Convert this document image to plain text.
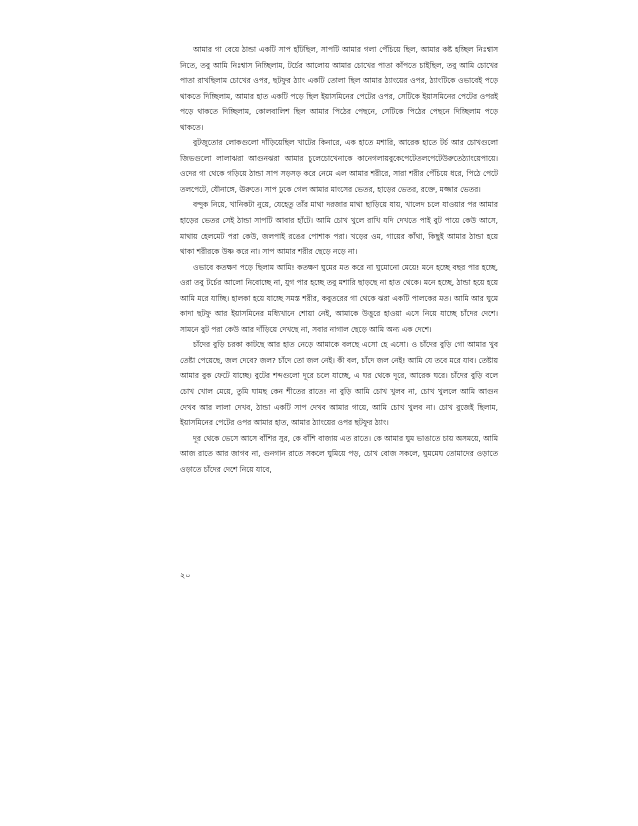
আমার গা বেয়ে ঠান্ডা একটি সাপ হাঁটছিল, সাপটি আমার গলা পেঁচিয়ে ছিল, আমার কষ্ট হচ্ছিল নিঃশ্বাস নিতে, তবু আমি নিঃশ্বাস নিচ্ছিলাম, টর্চের আলোয় আমার চোখের পাতা কাঁপতে চাইছিল, তবু আমি চোখের পাতা রাখছিলাম চোখের ওপর, ছটফুর ঠ্যাং একটি তোলা ছিল আমার ঠ্যাংয়ের ওপর, ঠ্যাংটিকে ওভাবেই পড়ে থাকতে দিচ্ছিলাম, আমার হাত একটি পড়ে ছিল ইয়াসমিনের পেটের ওপর, সেটিকে ইয়াসমিনের পেটের ওপরই পড়ে থাকতে দিচ্ছিলাম, কোলবালিশ ছিল আমার পিঠের পেছনে, সেটিকে পিঠের পেছনে দিচ্ছিলাম পড়ে থাকতে।

বুটজুতোর লোকগুলো দাঁড়িয়েছিল খাটের কিনারে, এক হাতে মশারি, আরেক হাতে টর্চ আর চোখগুলো জিভগুলো লালাঝরা আগুনঝরা আমার চুলেচোখেনাকে কানেগলায়বুকেপেটেতলপেটেউরুতেঠ্যাংয়েপায়ে। ওদের গা থেকে গড়িয়ে ঠান্ডা সাপ সড়সড় করে নেমে এল আমার শরীরে, সারা শরীর পেঁচিয়ে ধরে, পিঠে পেটে তলপেটে, যৌনাঙ্গে, ঊরুতে। সাপ ঢুকে গেল আমার মাংসের ভেতর, হাড়ের ভেতর, রক্তে, মজ্জার ভেতর।

বন্দুক নিয়ে, খানিকটা নুয়ে, যেহেতু তাঁর মাথা দরজার মাথা ছাড়িয়ে যায়, খালেদ চলে যাওয়ার পর আমার হাড়ের ভেতর সেই ঠান্ডা সাপটি আবার হাঁটে। আমি চোখ খুলে রাখি যদি দেখতে পাই বুট পায়ে কেউ আসে, মাথায় হেলমেট পরা কেউ, জলপাই রঙের পোশাক পরা। খড়ের ওম, গায়ের কাঁথা, কিছুই আমার ঠান্ডা হয়ে থাকা শরীরকে উষ্ণ করে না। সাপ আমার শরীর ছেড়ে নড়ে না।

ওভাবে কতক্ষণ পড়ে ছিলাম আমি! কতক্ষণ ঘুমের মত করে না ঘুমোনো মেয়ে! মনে হচ্ছে বছর পার হচ্ছে, ওরা তবু টর্চের আলো নিবোচ্ছে না, যুগ পার হচ্ছে তবু মশারি ছাড়ছে না হাত থেকে। মনে হচ্ছে, ঠান্ডা হয়ে হয়ে আমি মরে যাচ্ছি। হালকা হয়ে যাচ্ছে সমস্ত শরীর, কবুতরের গা থেকে ঝরা একটি পালকের মত। আমি আর ঘুমে কাদা ছটফু আর ইয়াসমিনের মধ্যিখানে শোয়া নেই, আমাকে উত্তুরে হাওয়া এসে নিয়ে যাচ্ছে চাঁদের দেশে। সামনে বুট পরা কেউ আর দাঁড়িয়ে দেখছে না, সবার নাগাল ছেড়ে আমি অন্য এক দেশে।

চাঁদের বুড়ি চরকা কাটছে আর হাত নেড়ে আমাকে বলছে এসো হে এসো। ও চাঁদের বুড়ি গো আমার খুব তেষ্টা পেয়েছে, জল দেবে? জল? চাঁদে তো জল নেই। কী বল, চাঁদে জল নেই! আমি যে তবে মরে যাব। তেষ্টায় আমার বুক ফেটে যাচ্ছে। বুটের শব্দগুলো দূরে চলে যাচ্ছে, এ ঘর থেকে দূরে, আরেক ঘরে। চাঁদের বুড়ি বলে চোখ খোল মেয়ে, তুমি ঘামছ কেন শীতের রাতে! না বুড়ি আমি চোখ খুলব না, চোখ খুললে আমি আগুন দেখব আর লালা দেখব, ঠান্ডা একটি সাপ দেখব আমার গায়ে, আমি চোখ খুলব না। চোখ বুজেই ছিলাম, ইয়াসমিনের পেটের ওপর আমার হাত, আমার ঠ্যাংয়ের ওপর ছটফুর ঠ্যাং।

দূর থেকে ভেসে আসে বাঁশির সুর, কে বাঁশি বাজায় এত রাতে। কে আমার ঘুম ভাঙাতে চায় অসময়ে, আমি আজ রাতে আর জাগব না, গুনগান রাতে সকলে ঘুমিয়ে পড়, চোখ বোজ সকলে, ঘুমমেঘ তোমাদের ওড়াতে ওড়াতে চাঁদের দেশে নিয়ে যাবে,

২০
